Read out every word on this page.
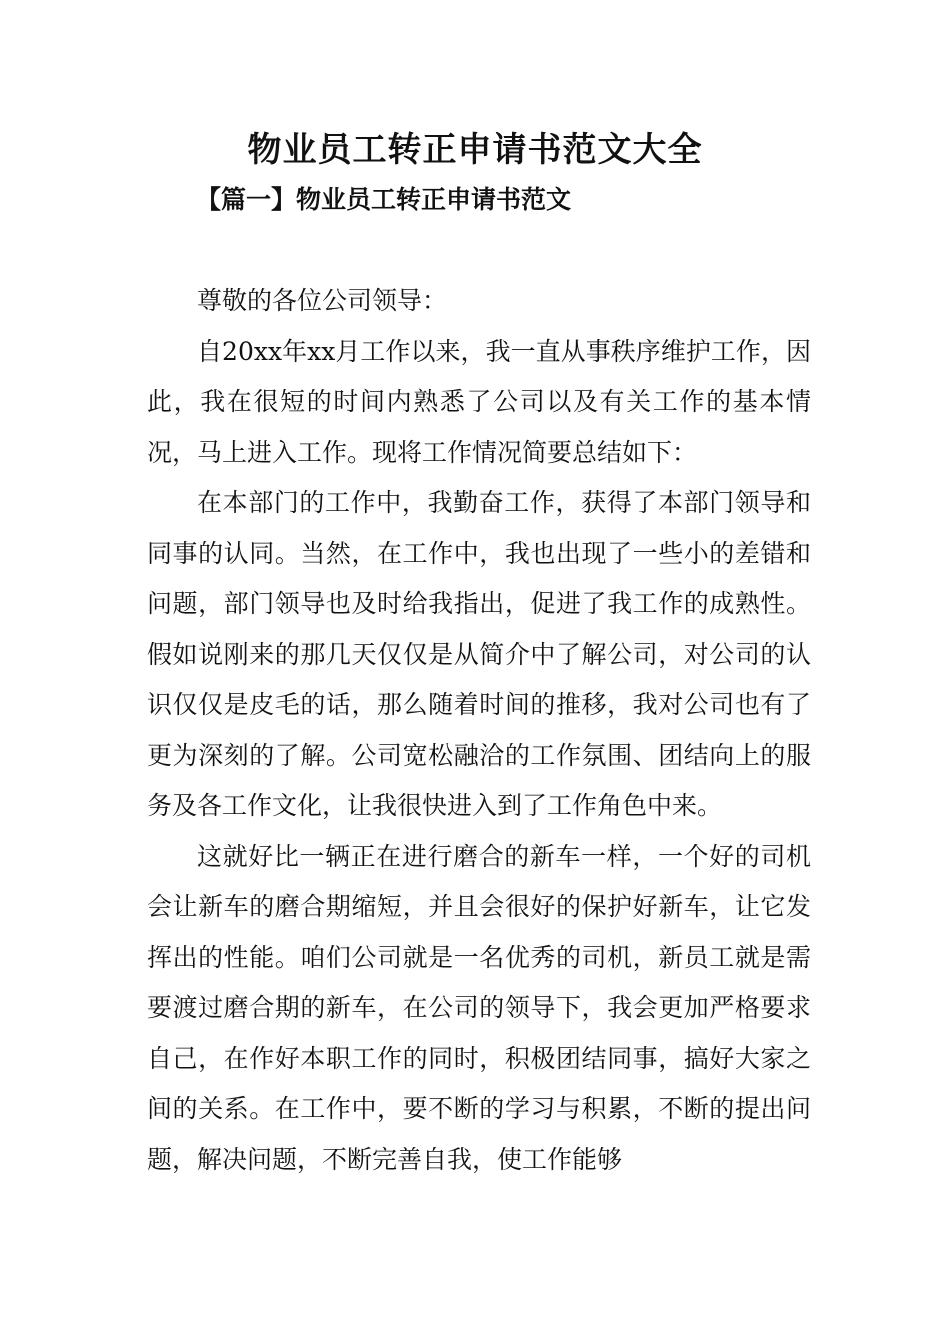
物业员工转正申请书范文大全
【篇一】物业员工转正申请书范文

尊敬的各位公司领导：

自20xx年xx月工作以来，我一直从事秩序维护工作，因此，我在很短的时间内熟悉了公司以及有关工作的基本情况，马上进入工作。现将工作情况简要总结如下：

在本部门的工作中，我勤奋工作，获得了本部门领导和同事的认同。当然，在工作中，我也出现了一些小的差错和问题，部门领导也及时给我指出，促进了我工作的成熟性。假如说刚来的那几天仅仅是从简介中了解公司，对公司的认识仅仅是皮毛的话，那么随着时间的推移，我对公司也有了更为深刻的了解。公司宽松融洽的工作氛围、团结向上的服务及各工作文化，让我很快进入到了工作角色中来。

这就好比一辆正在进行磨合的新车一样，一个好的司机会让新车的磨合期缩短，并且会很好的保护好新车，让它发挥出的性能。咱们公司就是一名优秀的司机，新员工就是需要渡过磨合期的新车，在公司的领导下，我会更加严格要求自己，在作好本职工作的同时，积极团结同事，搞好大家之间的关系。在工作中，要不断的学习与积累，不断的提出问题，解决问题，不断完善自我，使工作能够
